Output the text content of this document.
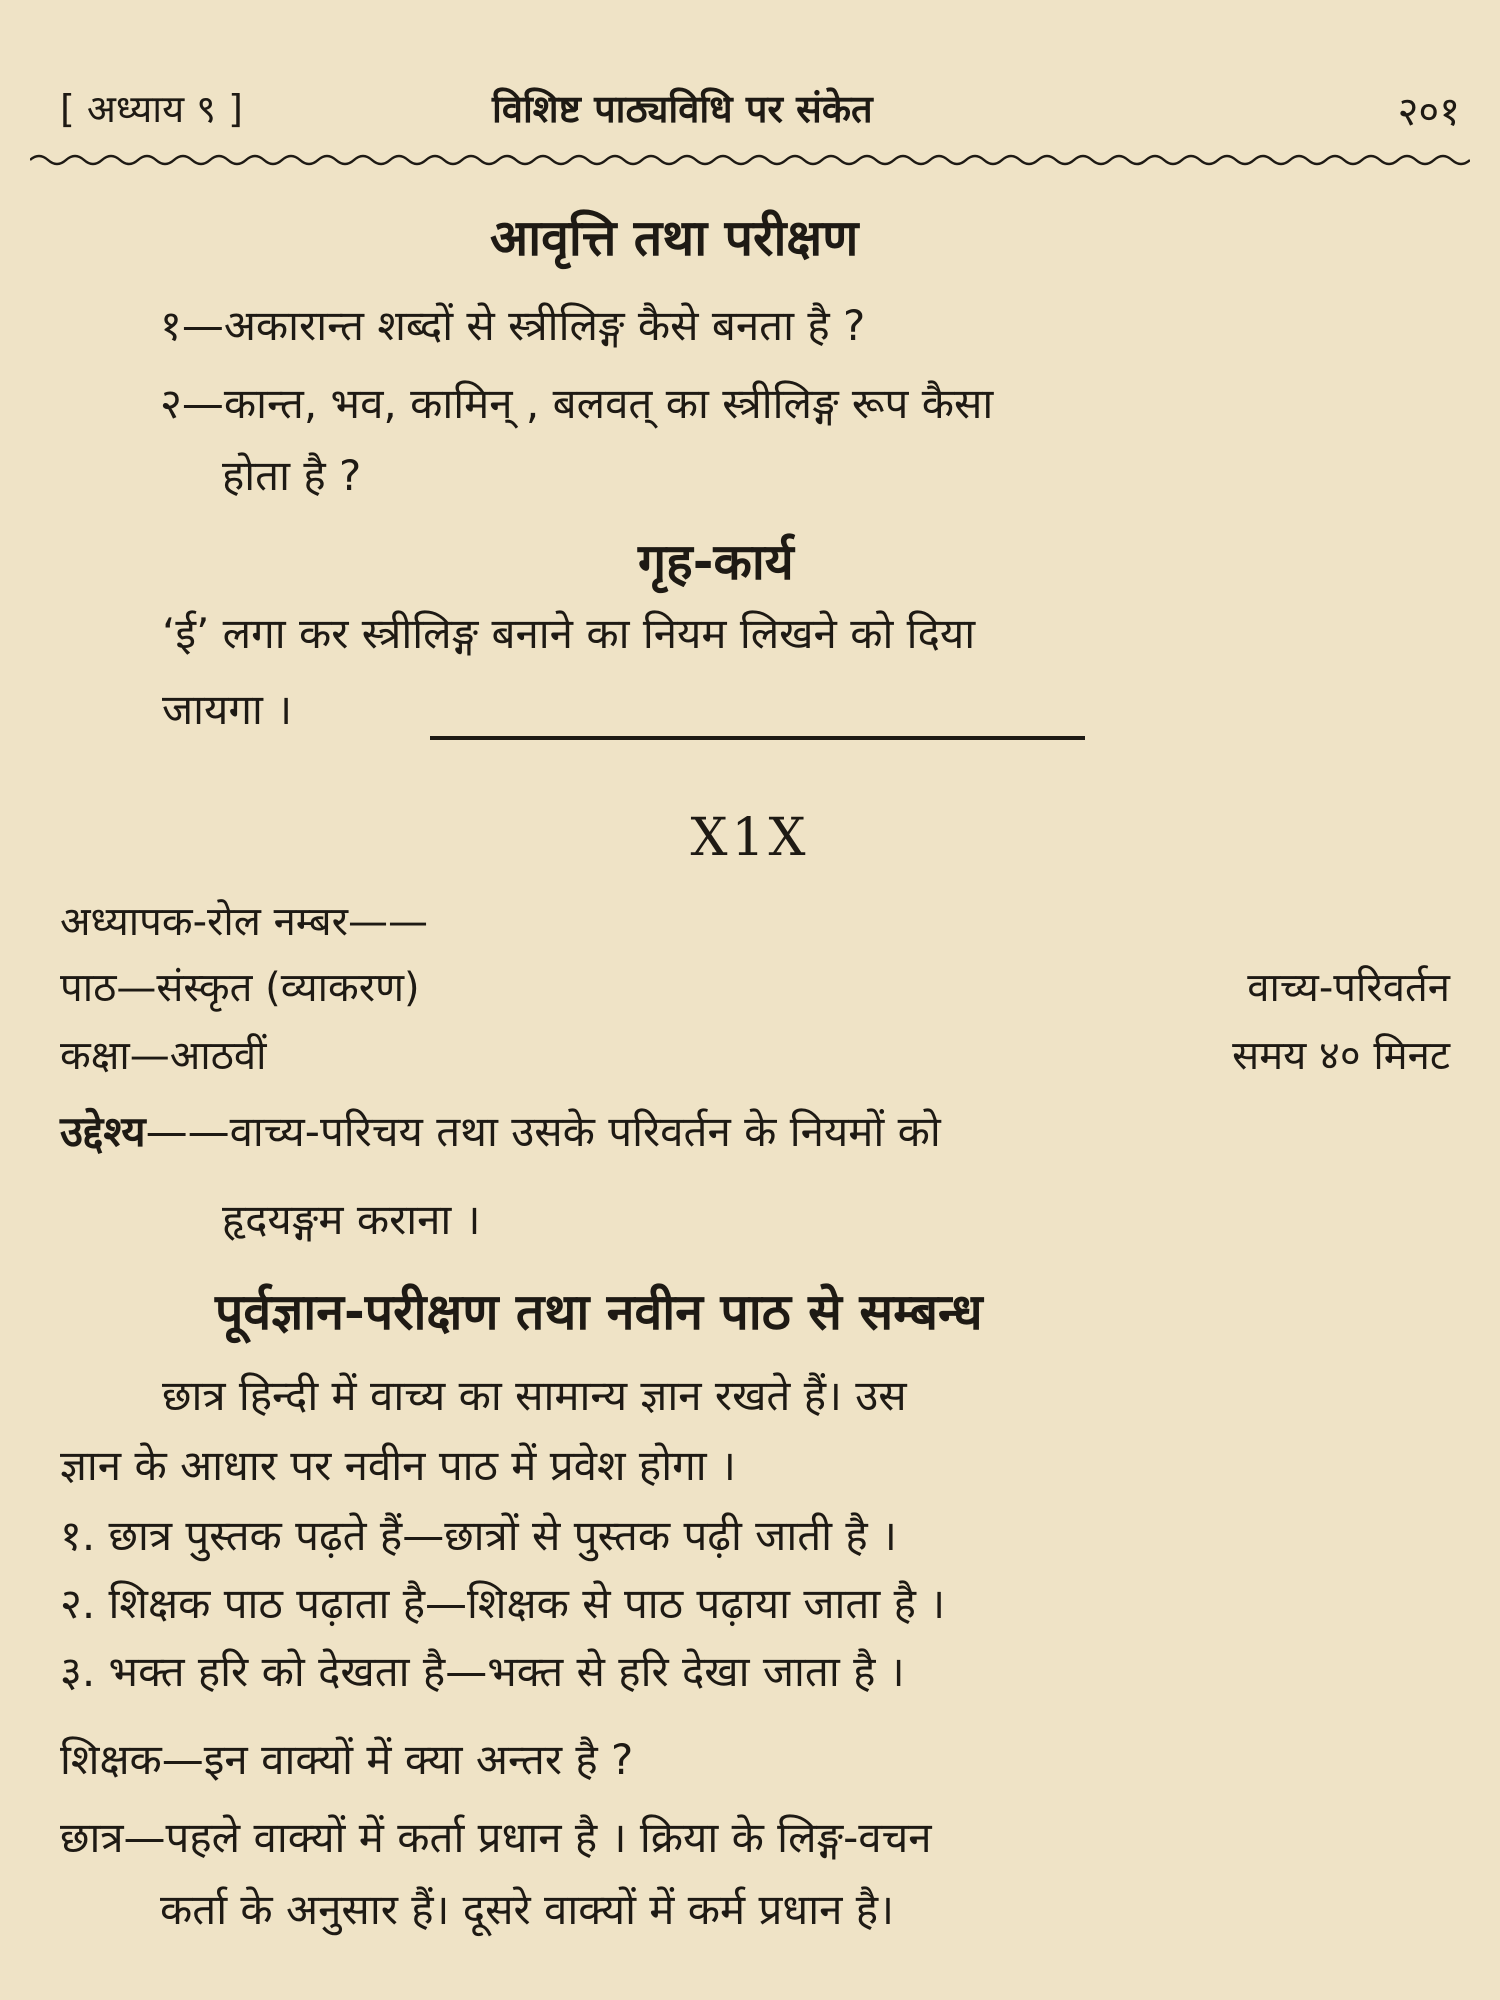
[ अध्याय ९ ]	विशिष्ट पाठ्यविधि पर संकेत	२०१
आवृत्ति तथा परीक्षण
१—अकारान्त शब्दों से स्त्रीलिङ्ग कैसे बनता है ?
२—कान्त, भव, कामिन् , बलवत् का स्त्रीलिङ्ग रूप कैसा
होता है ?
गृह-कार्य
‘ई’ लगा कर स्त्रीलिङ्ग बनाने का नियम लिखने को दिया
जायगा ।
X1X
अध्यापक-रोल नम्बर——
पाठ—संस्कृत (व्याकरण)	वाच्य-परिवर्तन
कक्षा—आठवीं	समय ४० मिनट
उद्देश्य——वाच्य-परिचय तथा उसके परिवर्तन के नियमों को
हृदयङ्गम कराना ।
पूर्वज्ञान-परीक्षण तथा नवीन पाठ से सम्बन्ध
छात्र हिन्दी में वाच्य का सामान्य ज्ञान रखते हैं। उस
ज्ञान के आधार पर नवीन पाठ में प्रवेश होगा ।
१. छात्र पुस्तक पढ़ते हैं—छात्रों से पुस्तक पढ़ी जाती है ।
२. शिक्षक पाठ पढ़ाता है—शिक्षक से पाठ पढ़ाया जाता है ।
३. भक्त हरि को देखता है—भक्त से हरि देखा जाता है ।
शिक्षक—इन वाक्यों में क्या अन्तर है ?
छात्र—पहले वाक्यों में कर्ता प्रधान है । क्रिया के लिङ्ग-वचन
कर्ता के अनुसार हैं। दूसरे वाक्यों में कर्म प्रधान है।
